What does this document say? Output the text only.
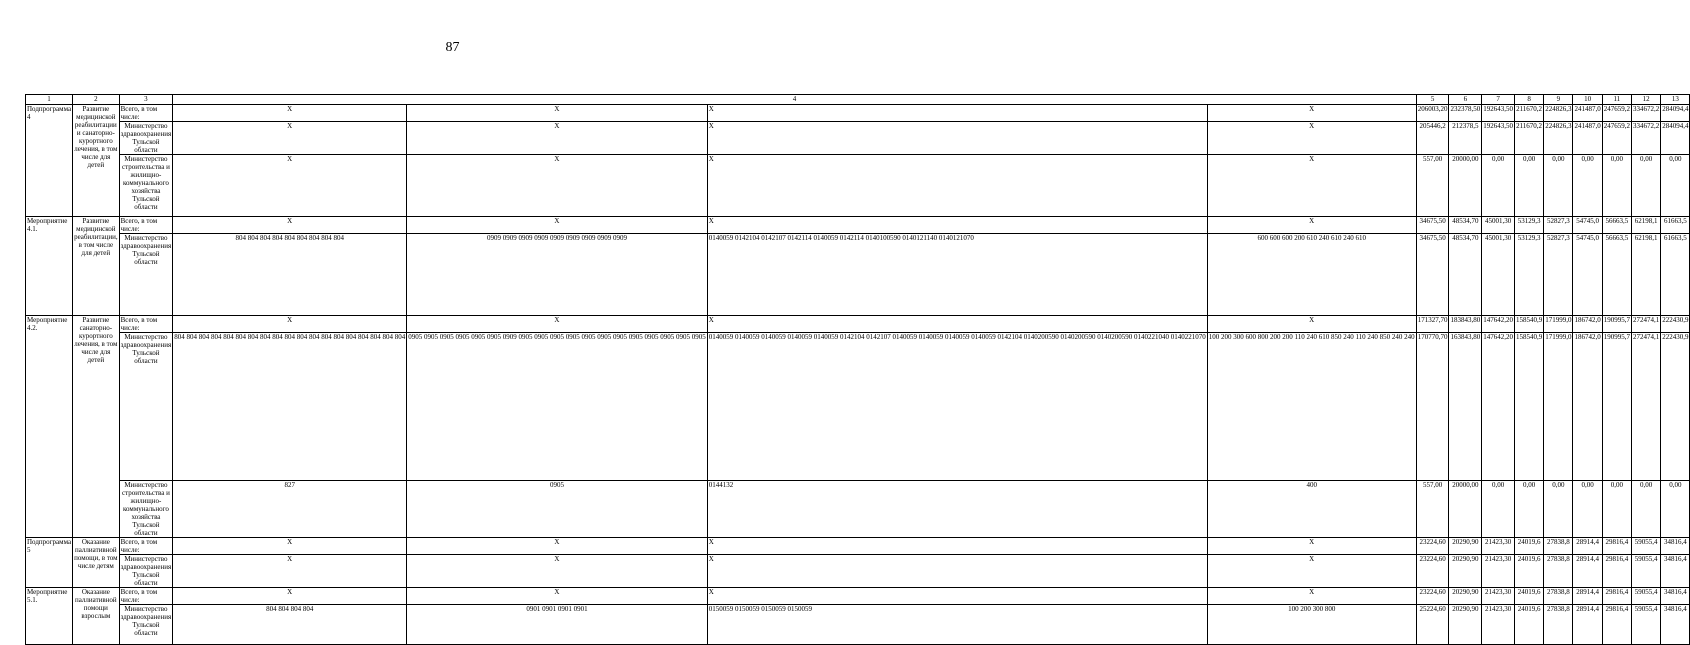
87
1	2	3	4				5	6	7	8	9	10	11	12	13
Подпрограмма 4	Развитие медицинской реабилитации и санаторно-курортного лечения, в том числе для детей	Всего, в том числе:	Х	Х	Х	Х	206003,20	232378,50	192643,50	211670,2	224826,3	241487,0	247659,2	334672,2	284094,4
		Министерство здравоохранения Тульской области	Х	Х	Х	Х	205446,2	212378,5	192643,50	211670,2	224826,3	241487,0	247659,2	334672,2	284094,4
		Министерство строительства и жилищно-коммунального хозяйства Тульской области	Х	Х	Х	Х	557,00	20000,00	0,00	0,00	0,00	0,00	0,00	0,00	0,00
Мероприятие 4.1.	Развитие медицинской реабилитации, в том числе для детей	Всего, в том числе:	Х	Х	Х	Х	34675,50	48534,70	45001,30	53129,3	52827,3	54745,0	56663,5	62198,1	61663,5
		Министерство здравоохранения Тульской области	804 804 804 804 804 804 804 804 804	0909 0909 0909 0909 0909 0909 0909 0909 0909	0140059 0142104 0142107 0142114 0140059 0142114 0140100590 0140121140 0140121070	600 600 600 200 610 240 610 240 610	34675,50	48534,70	45001,30	53129,3	52827,3	54745,0	56663,5	62198,1	61663,5
Мероприятие 4.2.	Развитие санаторно-курортного лечения, в том числе для детей	Всего, в том числе:	Х	Х	Х	Х	171327,70	183843,80	147642,20	158540,9	171999,0	186742,0	190995,7	272474,1	222430,9
		Министерство здравоохранения Тульской области	804 804 804 804 804 804 804 804 804 804 804 804 804 804 804 804 804 804 804	0905 0905 0905 0905 0905 0905 0909 0905 0905 0905 0905 0905 0905 0905 0905 0905 0905 0905 0905	0140059 0140059 0140059 0140059 0140059 0142104 0142107 0140059 0140059 0140059 0140059 0142104 0140200590 0140200590 0140200590 0140221040 0140221070	100 200 300 600 800 200 200 110 240 610 850 240 110 240 850 240 240	170770,70	163843,80	147642,20	158540,9	171999,0	186742,0	190995,7	272474,1	222430,9
		Министерство строительства и жилищно-коммунального хозяйства Тульской области	827	0905	0144132	400	557,00	20000,00	0,00	0,00	0,00	0,00	0,00	0,00	0,00
Подпрограмма 5	Оказание паллиативной помощи, в том числе детям	Всего, в том числе:	Х	Х	Х	Х	23224,60	20290,90	21423,30	24019,6	27838,8	28914,4	29816,4	59055,4	34816,4
		Министерство здравоохранения Тульской области	Х	Х	Х	Х	23224,60	20290,90	21423,30	24019,6	27838,8	28914,4	29816,4	59055,4	34816,4
Мероприятие 5.1.	Оказание паллиативной помощи взрослым	Всего, в том числе:	Х	Х	Х	Х	23224,60	20290,90	21423,30	24019,6	27838,8	28914,4	29816,4	59055,4	34816,4
		Министерство здравоохранения Тульской области	804 804 804 804	0901 0901 0901 0901	0150059 0150059 0150059 0150059	100 200 300 800	25224,60	20290,90	21423,30	24019,6	27838,8	28914,4	29816,4	59055,4	34816,4
